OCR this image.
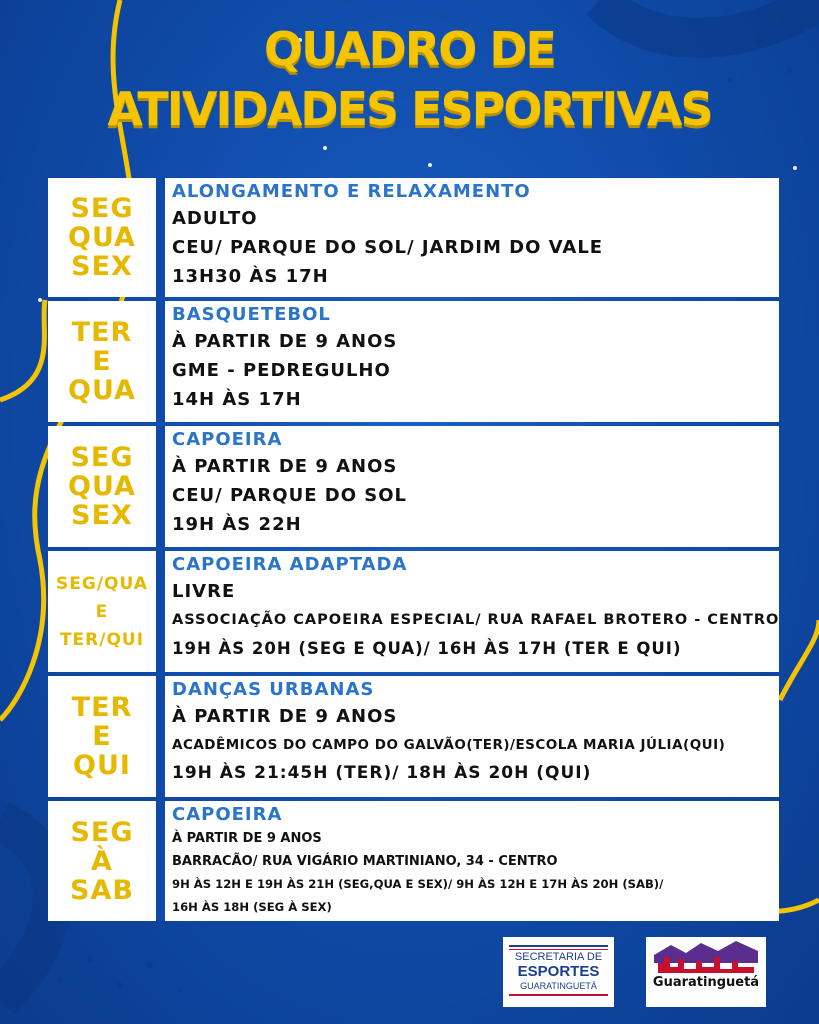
QUADRO DE
ATIVIDADES ESPORTIVAS
SEG
QUA
SEX
ALONGAMENTO E RELAXAMENTO
ADULTO
CEU/ PARQUE DO SOL/ JARDIM DO VALE
13H30 ÀS 17H
TER
E
QUA
BASQUETEBOL
À PARTIR DE 9 ANOS
GME - PEDREGULHO
14H ÀS 17H
SEG
QUA
SEX
CAPOEIRA
À PARTIR DE 9 ANOS
CEU/ PARQUE DO SOL
19H ÀS 22H
SEG/QUA
E
TER/QUI
CAPOEIRA ADAPTADA
LIVRE
ASSOCIAÇÃO CAPOEIRA ESPECIAL/ RUA RAFAEL BROTERO - CENTRO
19H ÀS 20H (SEG E QUA)/ 16H ÀS 17H (TER E QUI)
TER
E
QUI
DANÇAS URBANAS
À PARTIR DE 9 ANOS
ACADÊMICOS DO CAMPO DO GALVÃO(TER)/ESCOLA MARIA JÚLIA(QUI)
19H ÀS 21:45H (TER)/ 18H ÀS 20H (QUI)
SEG
À
SAB
CAPOEIRA
À PARTIR DE 9 ANOS
BARRACÃO/ RUA VIGÁRIO MARTINIANO, 34 - CENTRO
9H ÀS 12H E 19H ÀS 21H (SEG,QUA E SEX)/ 9H ÀS 12H E 17H ÀS 20H (SAB)/
16H ÀS 18H (SEG À SEX)
SECRETARIA DE
ESPORTES
GUARATINGUETÁ	Guaratinguetá
